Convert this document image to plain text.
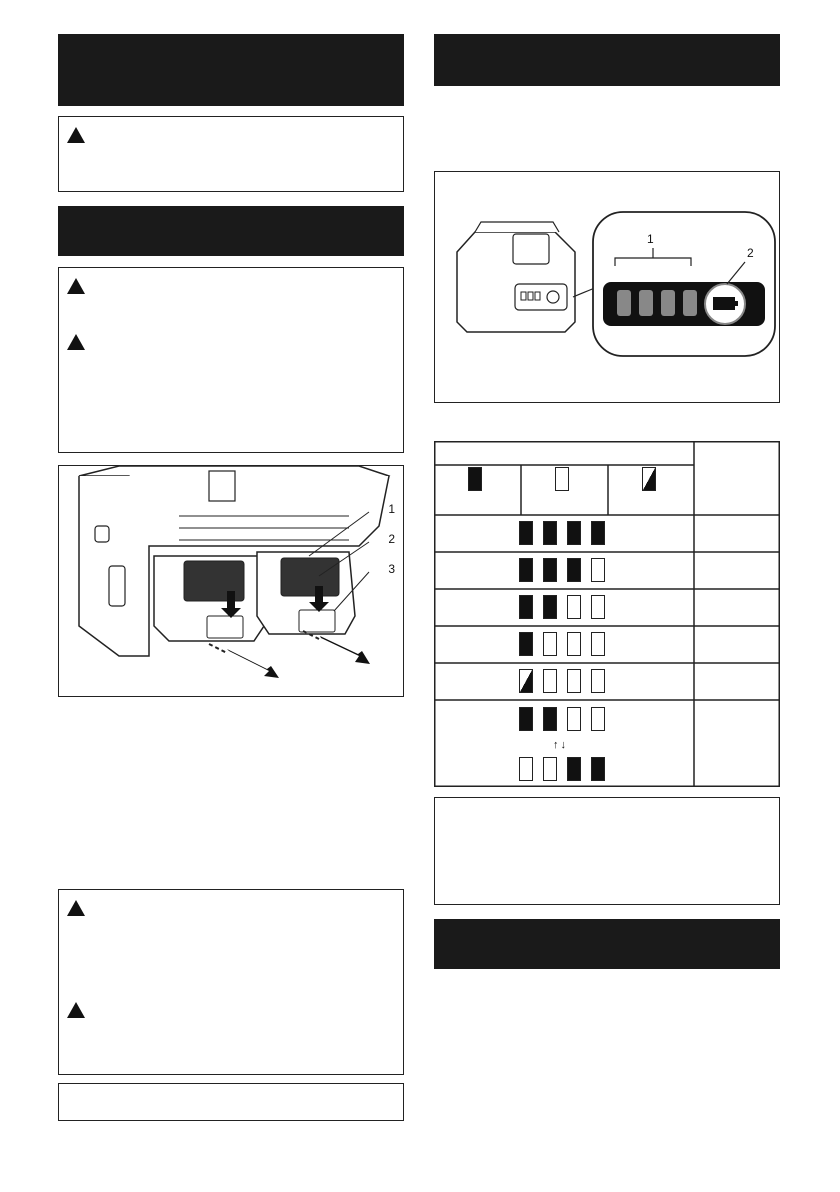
1
2
3
1
2
↑↓
